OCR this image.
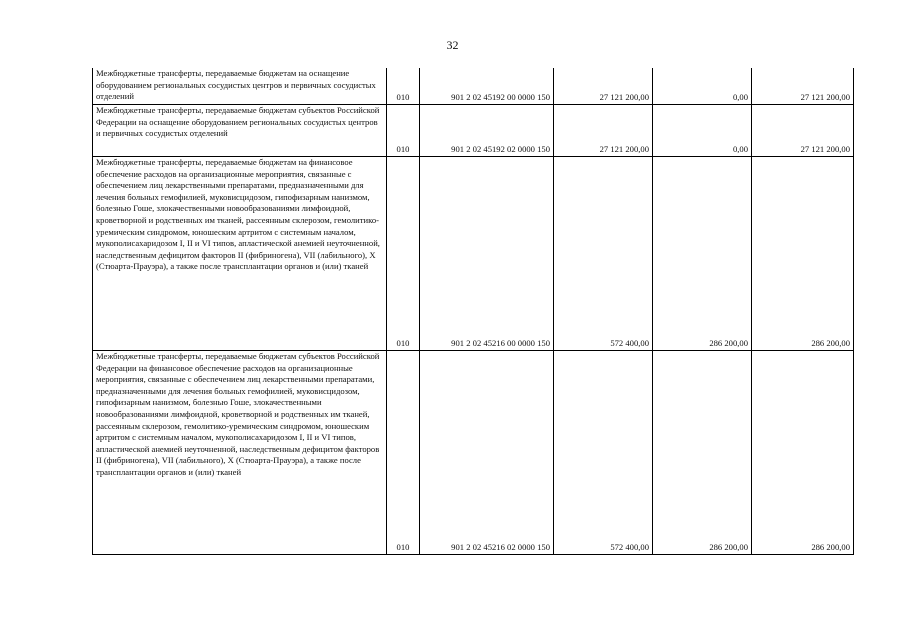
32
Межбюджетные трансферты, передаваемые бюджетам на оснащение оборудованием региональных сосудистых центров и первичных сосудистых отделений	010	901 2 02 45192 00 0000 150	27 121 200,00	0,00	27 121 200,00

Межбюджетные трансферты, передаваемые бюджетам субъектов Российской Федерации на оснащение оборудованием региональных сосудистых центров и первичных сосудистых отделений	010	901 2 02 45192 02 0000 150	27 121 200,00	0,00	27 121 200,00

Межбюджетные трансферты, передаваемые бюджетам на финансовое обеспечение расходов на организационные мероприятия, связанные с обеспечением лиц лекарственными препаратами, предназначенными для лечения больных гемофилией, муковисцидозом, гипофизарным нанизмом, болезнью Гоше, злокачественными новообразованиями лимфоидной, кроветворной и родственных им тканей, рассеянным склерозом, гемолитико-уремическим синдромом, юношеским артритом с системным началом, мукополисахаридозом I, II и VI типов, апластической анемией неуточненной, наследственным дефицитом факторов II (фибриногена), VII (лабильного), X (Стюарта-Прауэра), а также после трансплантации органов и (или) тканей	010	901 2 02 45216 00 0000 150	572 400,00	286 200,00	286 200,00

Межбюджетные трансферты, передаваемые бюджетам субъектов Российской Федерации на финансовое обеспечение расходов на организационные мероприятия, связанные с обеспечением лиц лекарственными препаратами, предназначенными для лечения больных гемофилией, муковисцидозом, гипофизарным нанизмом, болезнью Гоше, злокачественными новообразованиями лимфоидной, кроветворной и родственных им тканей, рассеянным склерозом, гемолитико-уремическим синдромом, юношеским артритом с системным началом, мукополисахаридозом I, II и VI типов, апластической анемией неуточненной, наследственным дефицитом факторов II (фибриногена), VII (лабильного), X (Стюарта-Прауэра), а также после трансплантации органов и (или) тканей	010	901 2 02 45216 02 0000 150	572 400,00	286 200,00	286 200,00
